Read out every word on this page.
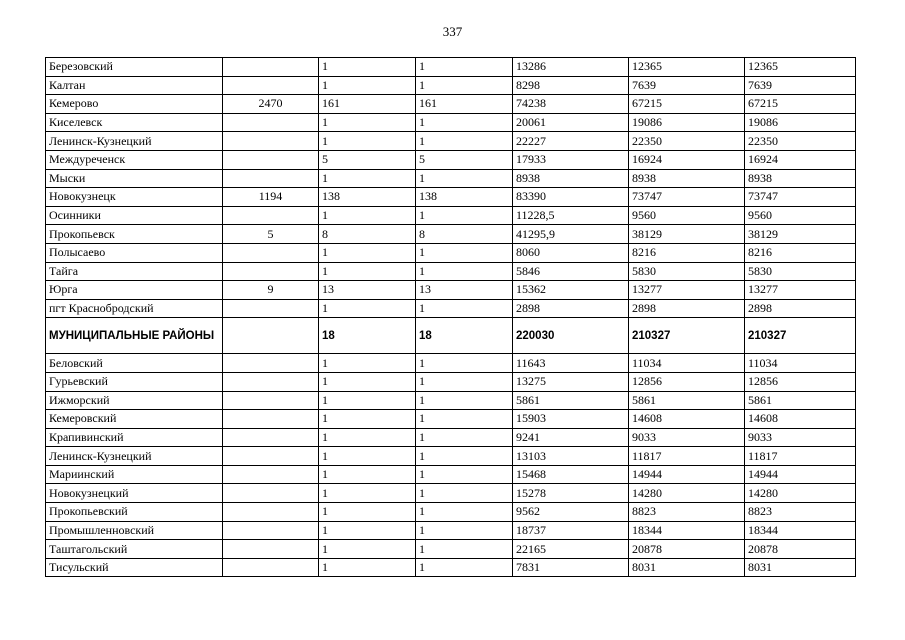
337
Березовский		1	1	13286	12365	12365
Калтан		1	1	8298	7639	7639
Кемерово	2470	161	161	74238	67215	67215
Киселевск		1	1	20061	19086	19086
Ленинск-Кузнецкий		1	1	22227	22350	22350
Междуреченск		5	5	17933	16924	16924
Мыски		1	1	8938	8938	8938
Новокузнецк	1194	138	138	83390	73747	73747
Осинники		1	1	11228,5	9560	9560
Прокопьевск	5	8	8	41295,9	38129	38129
Полысаево		1	1	8060	8216	8216
Тайга		1	1	5846	5830	5830
Юрга	9	13	13	15362	13277	13277
пгт Краснобродский		1	1	2898	2898	2898
МУНИЦИПАЛЬНЫЕ РАЙОНЫ		18	18	220030	210327	210327
Беловский		1	1	11643	11034	11034
Гурьевский		1	1	13275	12856	12856
Ижморский		1	1	5861	5861	5861
Кемеровский		1	1	15903	14608	14608
Крапивинский		1	1	9241	9033	9033
Ленинск-Кузнецкий		1	1	13103	11817	11817
Мариинский		1	1	15468	14944	14944
Новокузнецкий		1	1	15278	14280	14280
Прокопьевский		1	1	9562	8823	8823
Промышленновский		1	1	18737	18344	18344
Таштагольский		1	1	22165	20878	20878
Тисульский		1	1	7831	8031	8031
